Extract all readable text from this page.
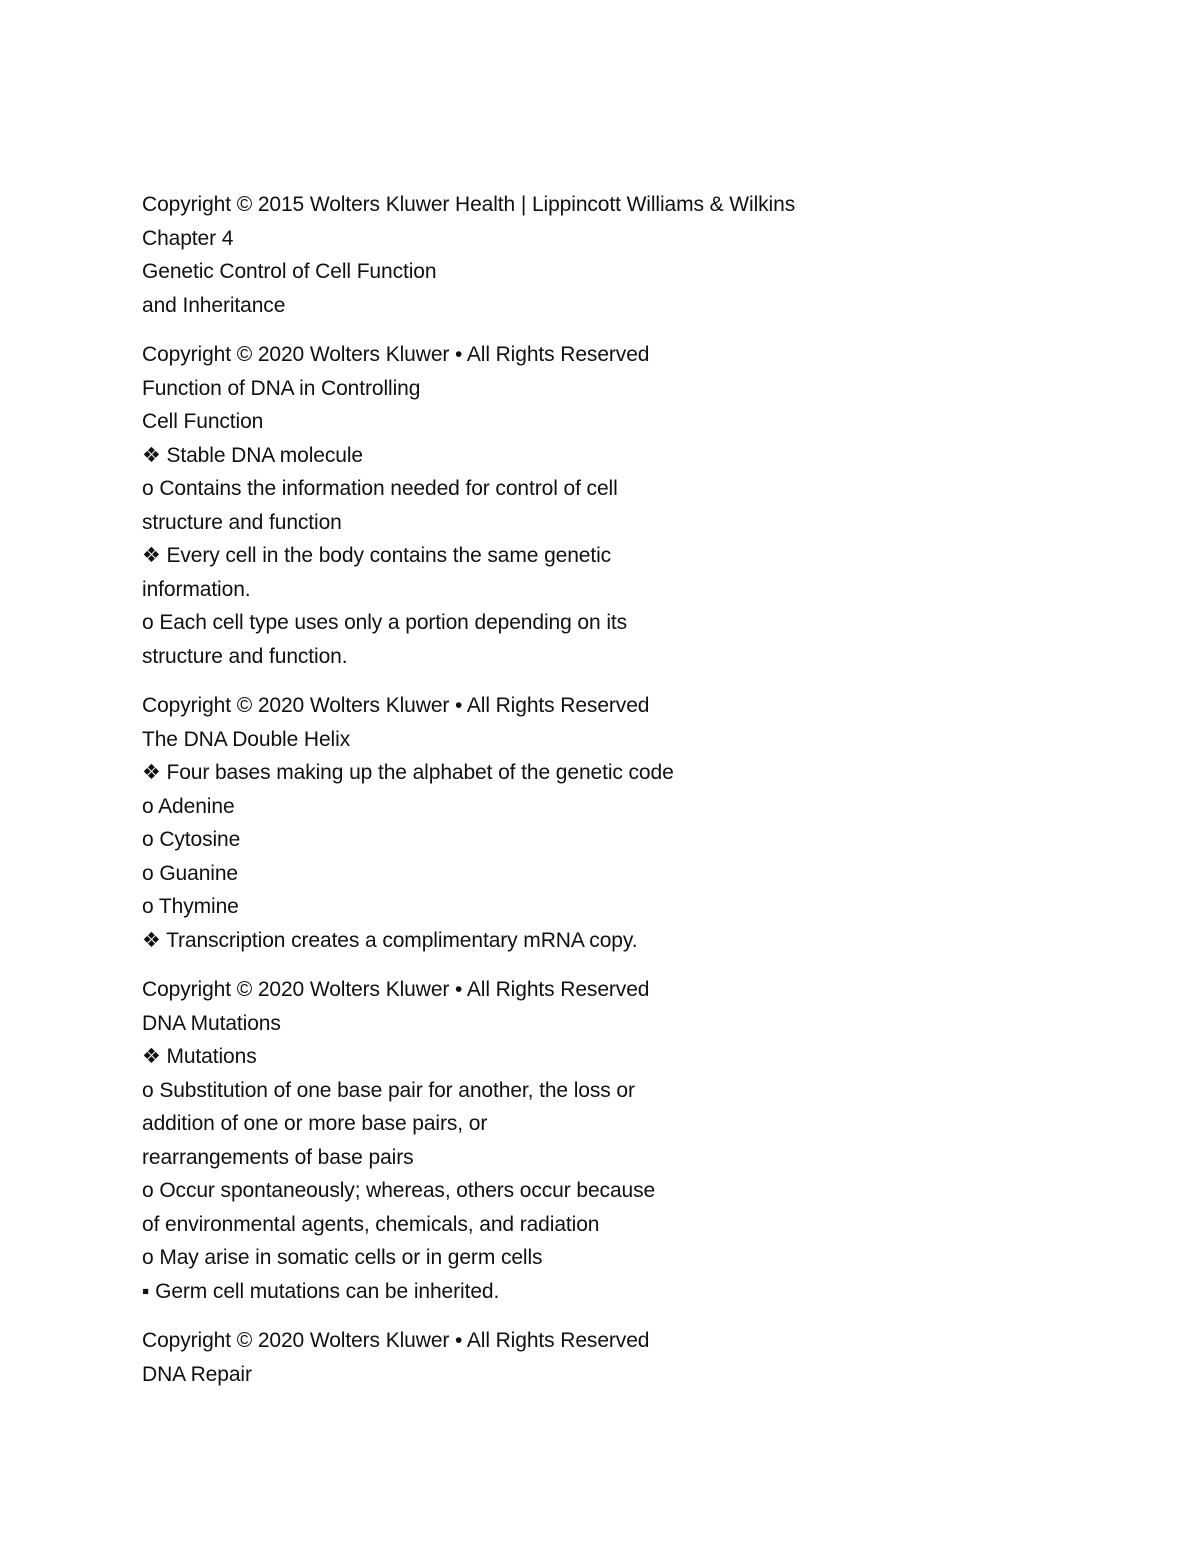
Copyright © 2015 Wolters Kluwer Health | Lippincott Williams & Wilkins
Chapter 4
Genetic Control of Cell Function
and Inheritance
Copyright © 2020 Wolters Kluwer • All Rights Reserved
Function of DNA in Controlling
Cell Function
❖ Stable DNA molecule
o Contains the information needed for control of cell
structure and function
❖ Every cell in the body contains the same genetic
information.
o Each cell type uses only a portion depending on its
structure and function.
Copyright © 2020 Wolters Kluwer • All Rights Reserved
The DNA Double Helix
❖ Four bases making up the alphabet of the genetic code
o Adenine
o Cytosine
o Guanine
o Thymine
❖ Transcription creates a complimentary mRNA copy.
Copyright © 2020 Wolters Kluwer • All Rights Reserved
DNA Mutations
❖ Mutations
o Substitution of one base pair for another, the loss or
addition of one or more base pairs, or
rearrangements of base pairs
o Occur spontaneously; whereas, others occur because
of environmental agents, chemicals, and radiation
o May arise in somatic cells or in germ cells
▪ Germ cell mutations can be inherited.
Copyright © 2020 Wolters Kluwer • All Rights Reserved
DNA Repair
